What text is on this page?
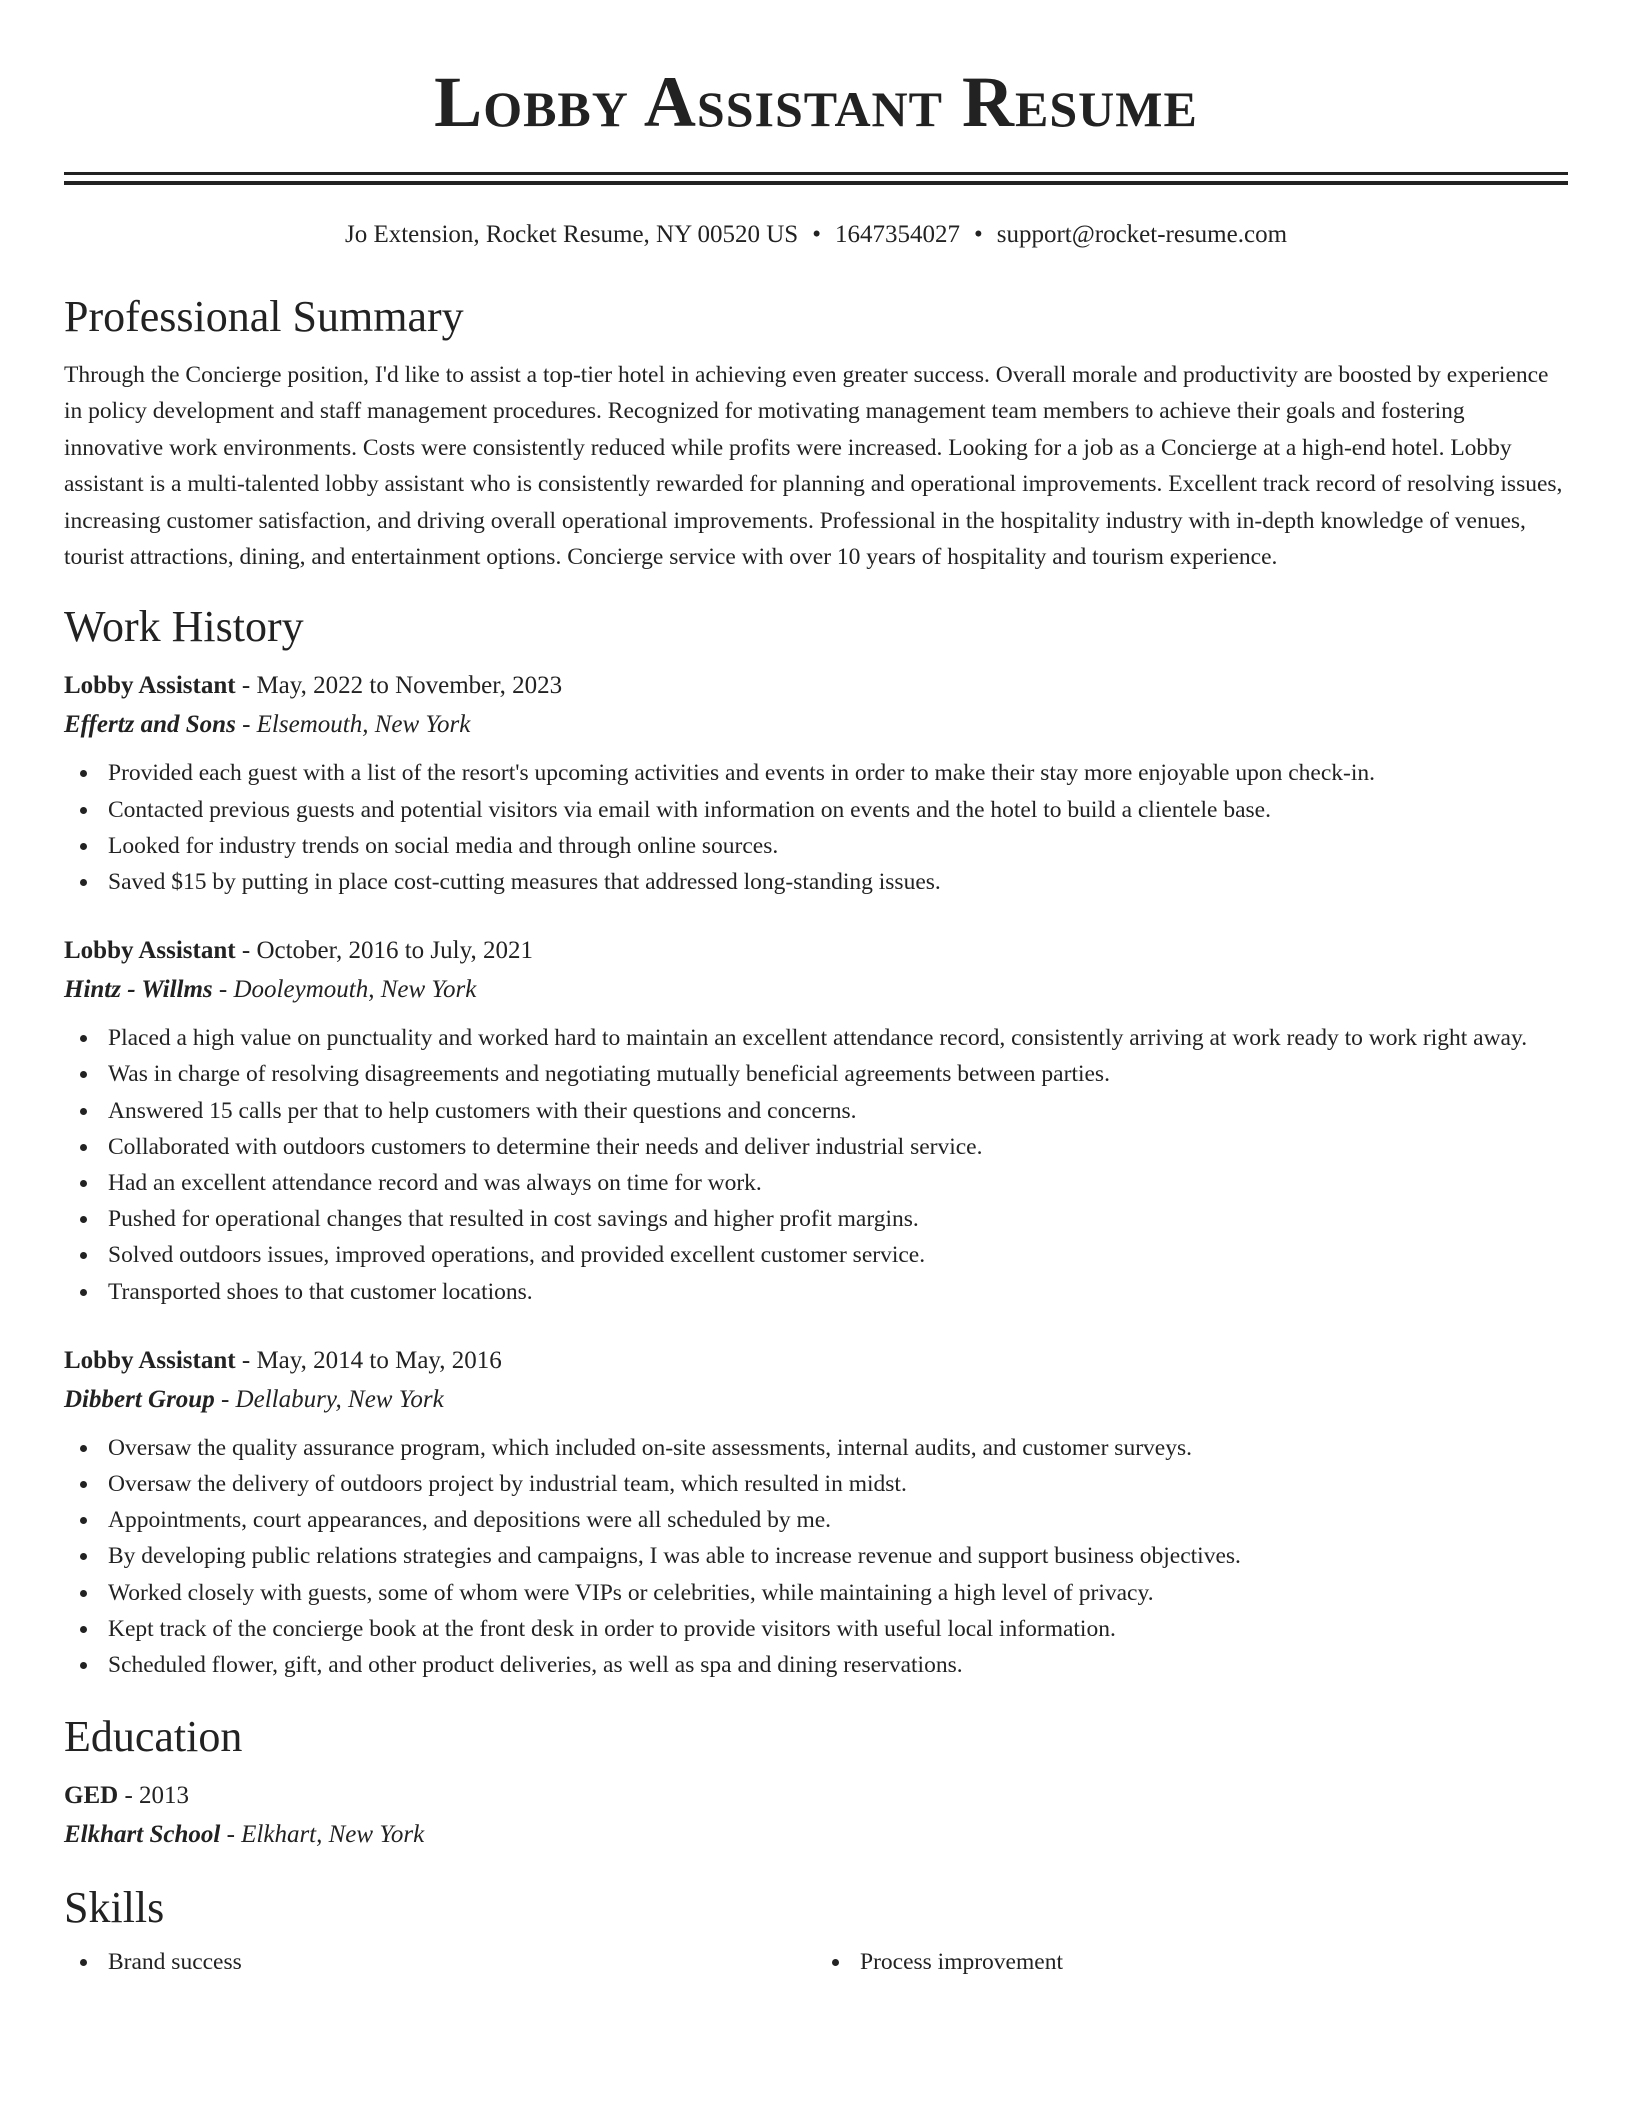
Lobby Assistant Resume
Jo Extension, Rocket Resume, NY 00520 US • 1647354027 • support@rocket-resume.com
Professional Summary

Through the Concierge position, I'd like to assist a top-tier hotel in achieving even greater success. Overall morale and productivity are boosted by experience in policy development and staff management procedures. Recognized for motivating management team members to achieve their goals and fostering innovative work environments. Costs were consistently reduced while profits were increased. Looking for a job as a Concierge at a high-end hotel. Lobby assistant is a multi-talented lobby assistant who is consistently rewarded for planning and operational improvements. Excellent track record of resolving issues, increasing customer satisfaction, and driving overall operational improvements. Professional in the hospitality industry with in-depth knowledge of venues, tourist attractions, dining, and entertainment options. Concierge service with over 10 years of hospitality and tourism experience.

Work History
Lobby Assistant - May, 2022 to November, 2023
Effertz and Sons - Elsemouth, New York
Provided each guest with a list of the resort's upcoming activities and events in order to make their stay more enjoyable upon check-in.
Contacted previous guests and potential visitors via email with information on events and the hotel to build a clientele base.
Looked for industry trends on social media and through online sources.
Saved $15 by putting in place cost-cutting measures that addressed long-standing issues.
Lobby Assistant - October, 2016 to July, 2021
Hintz - Willms - Dooleymouth, New York
Placed a high value on punctuality and worked hard to maintain an excellent attendance record, consistently arriving at work ready to work right away.
Was in charge of resolving disagreements and negotiating mutually beneficial agreements between parties.
Answered 15 calls per that to help customers with their questions and concerns.
Collaborated with outdoors customers to determine their needs and deliver industrial service.
Had an excellent attendance record and was always on time for work.
Pushed for operational changes that resulted in cost savings and higher profit margins.
Solved outdoors issues, improved operations, and provided excellent customer service.
Transported shoes to that customer locations.
Lobby Assistant - May, 2014 to May, 2016
Dibbert Group - Dellabury, New York
Oversaw the quality assurance program, which included on-site assessments, internal audits, and customer surveys.
Oversaw the delivery of outdoors project by industrial team, which resulted in midst.
Appointments, court appearances, and depositions were all scheduled by me.
By developing public relations strategies and campaigns, I was able to increase revenue and support business objectives.
Worked closely with guests, some of whom were VIPs or celebrities, while maintaining a high level of privacy.
Kept track of the concierge book at the front desk in order to provide visitors with useful local information.
Scheduled flower, gift, and other product deliveries, as well as spa and dining reservations.
Education
GED - 2013
Elkhart School - Elkhart, New York
Skills
Brand success	Process improvement
